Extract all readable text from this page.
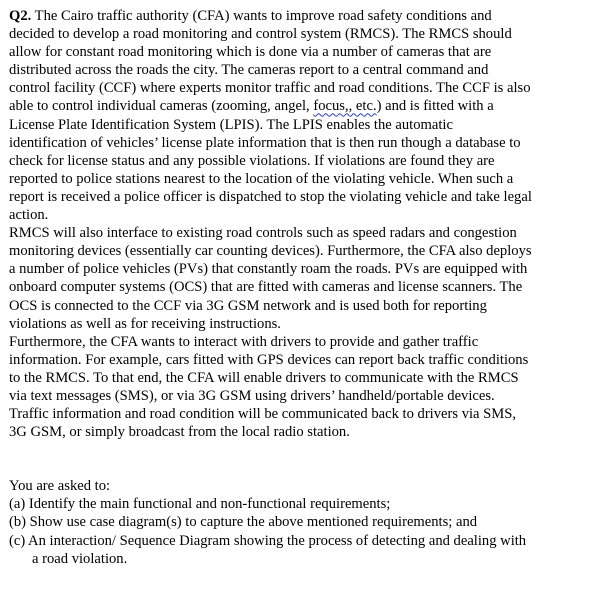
Q2. The Cairo traffic authority (CFA) wants to improve road safety conditions and
decided to develop a road monitoring and control system (RMCS). The RMCS should
allow for constant road monitoring which is done via a number of cameras that are
distributed across the roads the city. The cameras report to a central command and
control facility (CCF) where experts monitor traffic and road conditions. The CCF is also
able to control individual cameras (zooming, angel, focus,, etc.) and is fitted with a
License Plate Identification System (LPIS). The LPIS enables the automatic
identification of vehicles’ license plate information that is then run though a database to
check for license status and any possible violations. If violations are found they are
reported to police stations nearest to the location of the violating vehicle. When such a
report is received a police officer is dispatched to stop the violating vehicle and take legal
action.
RMCS will also interface to existing road controls such as speed radars and congestion
monitoring devices (essentially car counting devices). Furthermore, the CFA also deploys
a number of police vehicles (PVs) that constantly roam the roads. PVs are equipped with
onboard computer systems (OCS) that are fitted with cameras and license scanners. The
OCS is connected to the CCF via 3G GSM network and is used both for reporting
violations as well as for receiving instructions.
Furthermore, the CFA wants to interact with drivers to provide and gather traffic
information. For example, cars fitted with GPS devices can report back traffic conditions
to the RMCS. To that end, the CFA will enable drivers to communicate with the RMCS
via text messages (SMS), or via 3G GSM using drivers’ handheld/portable devices.
Traffic information and road condition will be communicated back to drivers via SMS,
3G GSM, or simply broadcast from the local radio station.
You are asked to:
(a) Identify the main functional and non-functional requirements;
(b) Show use case diagram(s) to capture the above mentioned requirements; and
(c) An interaction/ Sequence Diagram showing the process of detecting and dealing with
a road violation.
